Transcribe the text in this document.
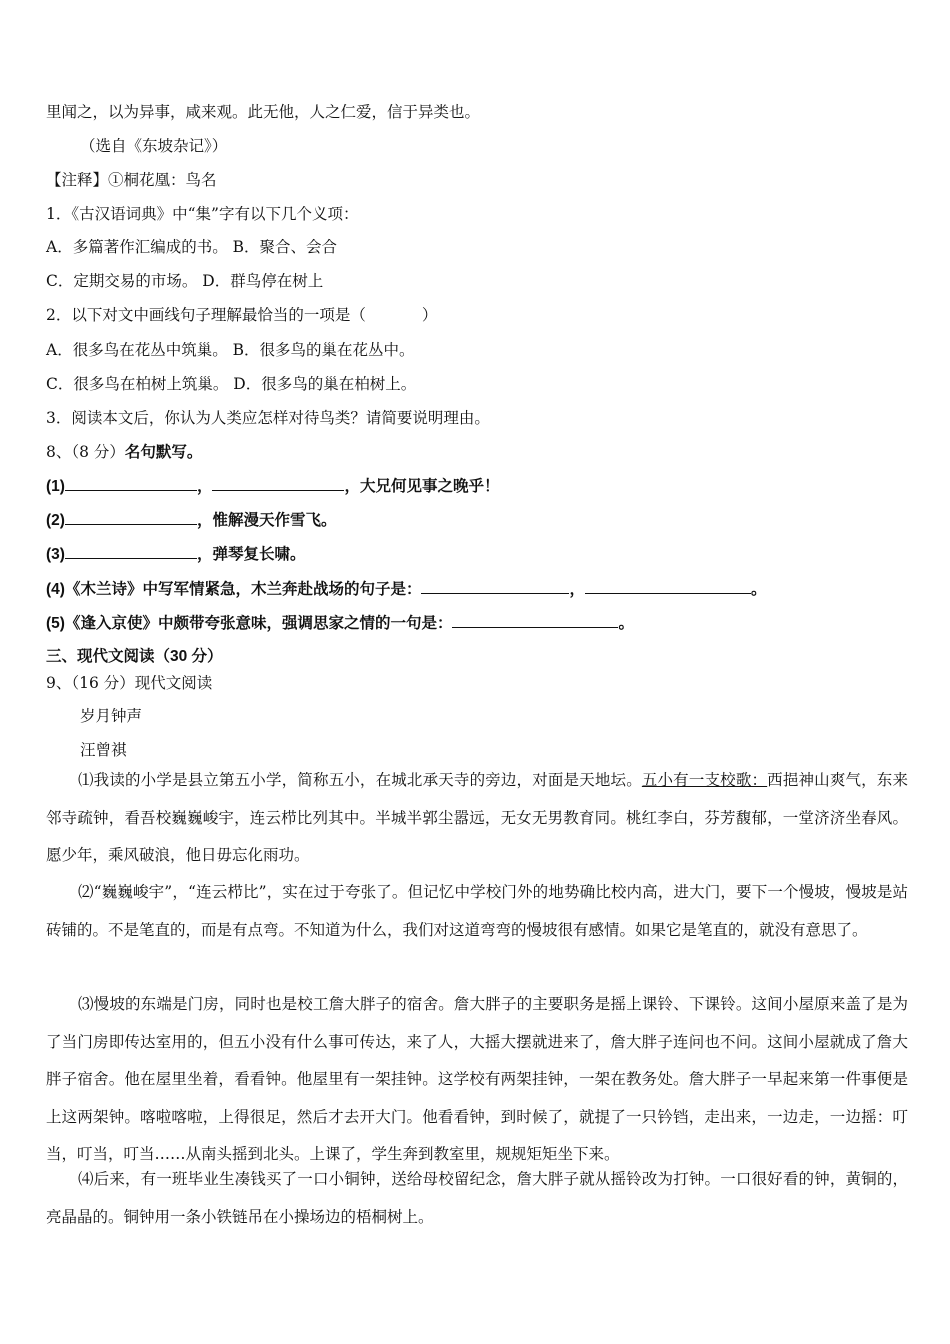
里闻之，以为异事，咸来观。此无他，人之仁爱，信于异类也。
（选自《东坡杂记》）
【注释】①桐花凰：鸟名
1．《古汉语词典》中“集”字有以下几个义项：
A．多篇著作汇编成的书。 B．聚合、会合
C．定期交易的市场。 D．群鸟停在树上
2．以下对文中画线句子理解最恰当的一项是（	）
A．很多鸟在花丛中筑巢。 B．很多鸟的巢在花丛中。
C．很多鸟在柏树上筑巢。 D．很多鸟的巢在柏树上。
3．阅读本文后，你认为人类应怎样对待鸟类？请简要说明理由。
8、（8 分）名句默写。
(1)	，	，大兄何见事之晚乎！
(2)	，惟解漫天作雪飞。
(3)	，弹琴复长啸。
(4)《木兰诗》中写军情紧急，木兰奔赴战场的句子是：	，	。
(5)《逢入京使》中颇带夸张意味，强调思家之情的一句是：	。
三、现代文阅读（30 分）
9、（16 分）现代文阅读
岁月钟声
汪曾祺
⑴我读的小学是县立第五小学，简称五小，在城北承天寺的旁边，对面是天地坛。五小有一支校歌：西挹神山爽气，东来邻寺疏钟，看吾校巍巍峻宇，连云栉比列其中。半城半郭尘嚣远，无女无男教育同。桃红李白，芬芳馥郁，一堂济济坐春风。愿少年，乘风破浪，他日毋忘化雨功。
⑵“巍巍峻宇”，“连云栉比”，实在过于夸张了。但记忆中学校门外的地势确比校内高，进大门，要下一个慢坡，慢坡是站砖铺的。不是笔直的，而是有点弯。不知道为什么，我们对这道弯弯的慢坡很有感情。如果它是笔直的，就没有意思了。
⑶慢坡的东端是门房，同时也是校工詹大胖子的宿舍。詹大胖子的主要职务是摇上课铃、下课铃。这间小屋原来盖了是为了当门房即传达室用的，但五小没有什么事可传达，来了人，大摇大摆就进来了，詹大胖子连问也不问。这间小屋就成了詹大胖子宿舍。他在屋里坐着，看看钟。他屋里有一架挂钟。这学校有两架挂钟，一架在教务处。詹大胖子一早起来第一件事便是上这两架钟。喀啦喀啦，上得很足，然后才去开大门。他看看钟，到时候了，就提了一只钤铛，走出来，一边走，一边摇：叮当，叮当，叮当……从南头摇到北头。上课了，学生奔到教室里，规规矩矩坐下来。
⑷后来，有一班毕业生凑钱买了一口小铜钟，送给母校留纪念，詹大胖子就从摇铃改为打钟。一口很好看的钟，黄铜的，亮晶晶的。铜钟用一条小铁链吊在小操场边的梧桐树上。
